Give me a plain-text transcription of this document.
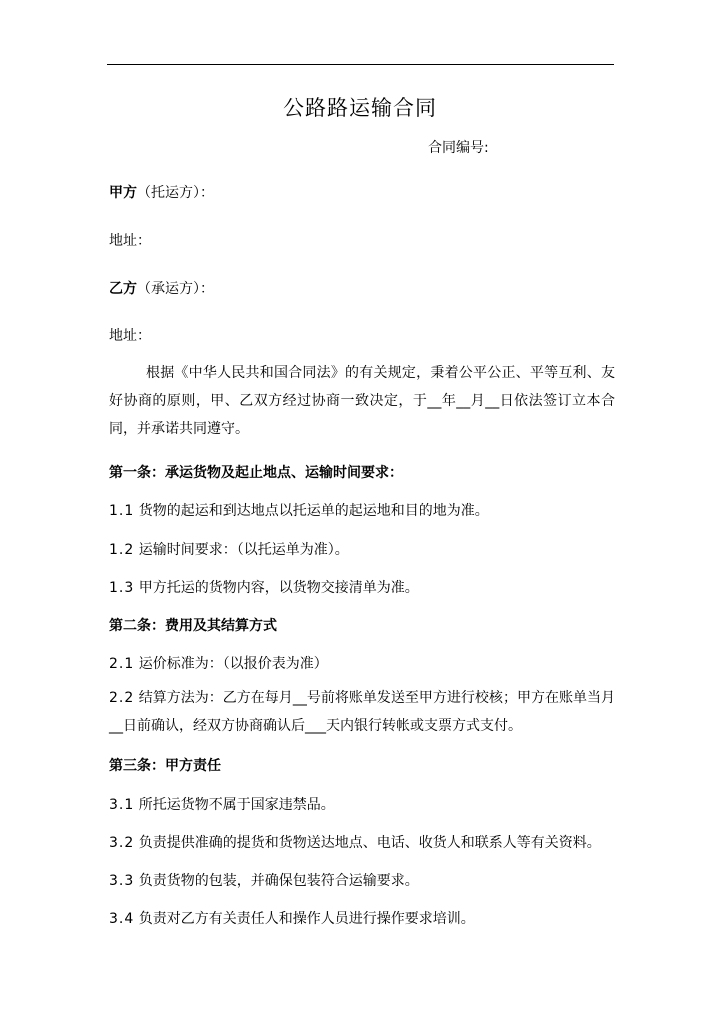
公路路运输合同
合同编号:
甲方（托运方）：
地址：
乙方（承运方）：
地址：
根据《中华人民共和国合同法》的有关规定，秉着公平公正、平等互利、友好协商的原则，甲、乙双方经过协商一致决定，于__年__月__日依法签订立本合同，并承诺共同遵守。
第一条：承运货物及起止地点、运输时间要求：
1.1 货物的起运和到达地点以托运单的起运地和目的地为准。
1.2 运输时间要求：（以托运单为准）。
1.3 甲方托运的货物内容，以货物交接清单为准。
第二条：费用及其结算方式
2.1 运价标准为：（以报价表为准）
2.2 结算方法为：乙方在每月__号前将账单发送至甲方进行校核；甲方在账单当月__日前确认，经双方协商确认后___天内银行转帐或支票方式支付。
第三条：甲方责任
3.1 所托运货物不属于国家违禁品。
3.2 负责提供准确的提货和货物送达地点、电话、收货人和联系人等有关资料。
3.3 负责货物的包装，并确保包装符合运输要求。
3.4 负责对乙方有关责任人和操作人员进行操作要求培训。
